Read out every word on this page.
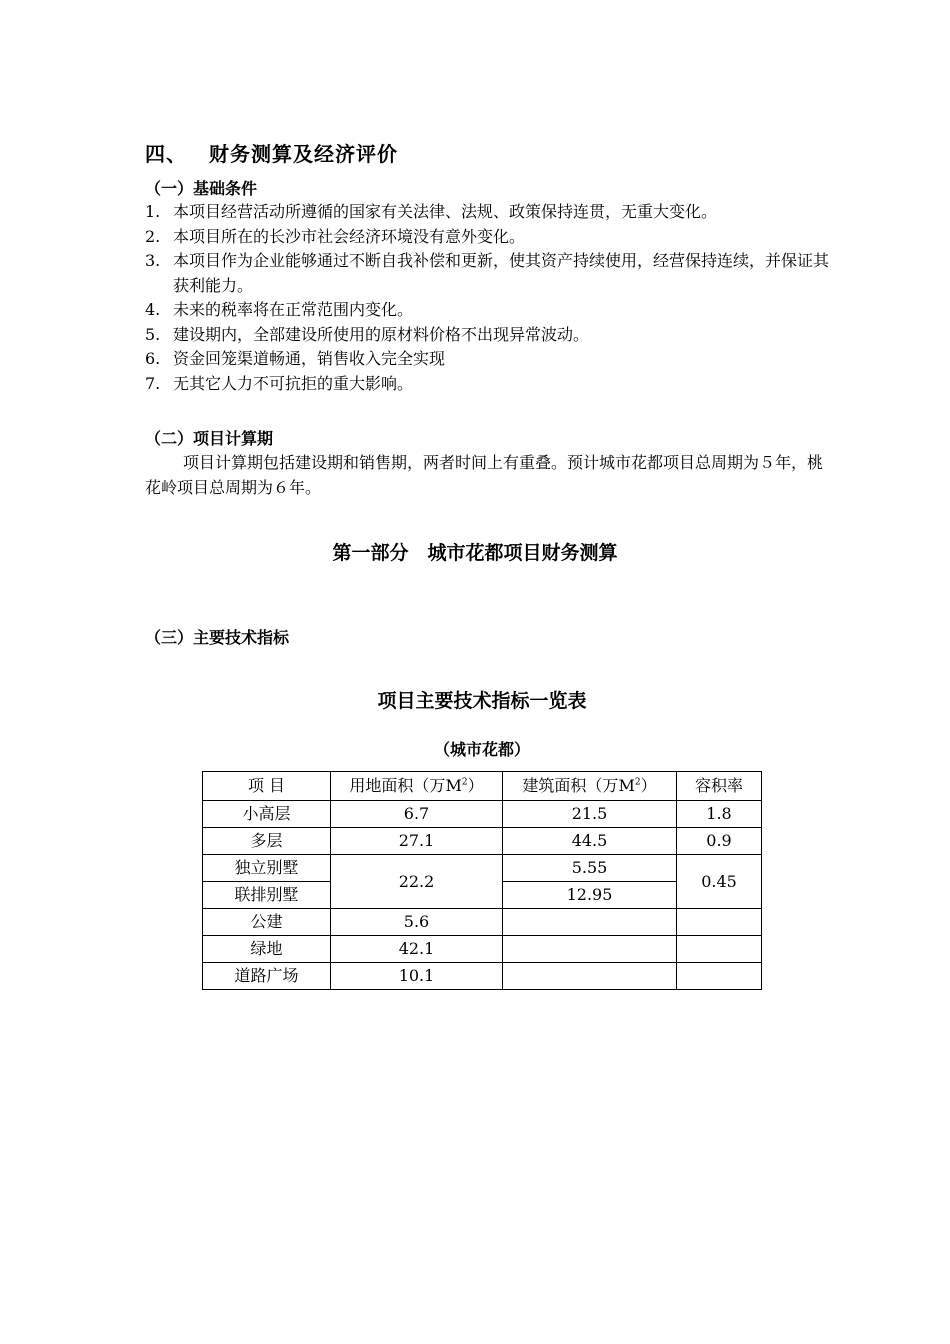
四、 财务测算及经济评价
（一）基础条件
1. 本项目经营活动所遵循的国家有关法律、法规、政策保持连贯，无重大变化。
2. 本项目所在的长沙市社会经济环境没有意外变化。
3. 本项目作为企业能够通过不断自我补偿和更新，使其资产持续使用，经营保持连续，并保证其获利能力。
4. 未来的税率将在正常范围内变化。
5. 建设期内，全部建设所使用的原材料价格不出现异常波动。
6. 资金回笼渠道畅通，销售收入完全实现
7. 无其它人力不可抗拒的重大影响。
（二）项目计算期
项目计算期包括建设期和销售期，两者时间上有重叠。预计城市花都项目总周期为５年，桃花岭项目总周期为６年。
第一部分　城市花都项目财务测算
（三）主要技术指标
项目主要技术指标一览表
（城市花都）
项 目	用地面积（万$M^2$）	建筑面积（万$M^2$）	容积率
小高层	6.7	21.5	1.8
多层	27.1	44.5	0.9
独立别墅	22.2	5.55	0.45
联排别墅		12.95	
公建	5.6		
绿地	42.1		
道路广场	10.1		
